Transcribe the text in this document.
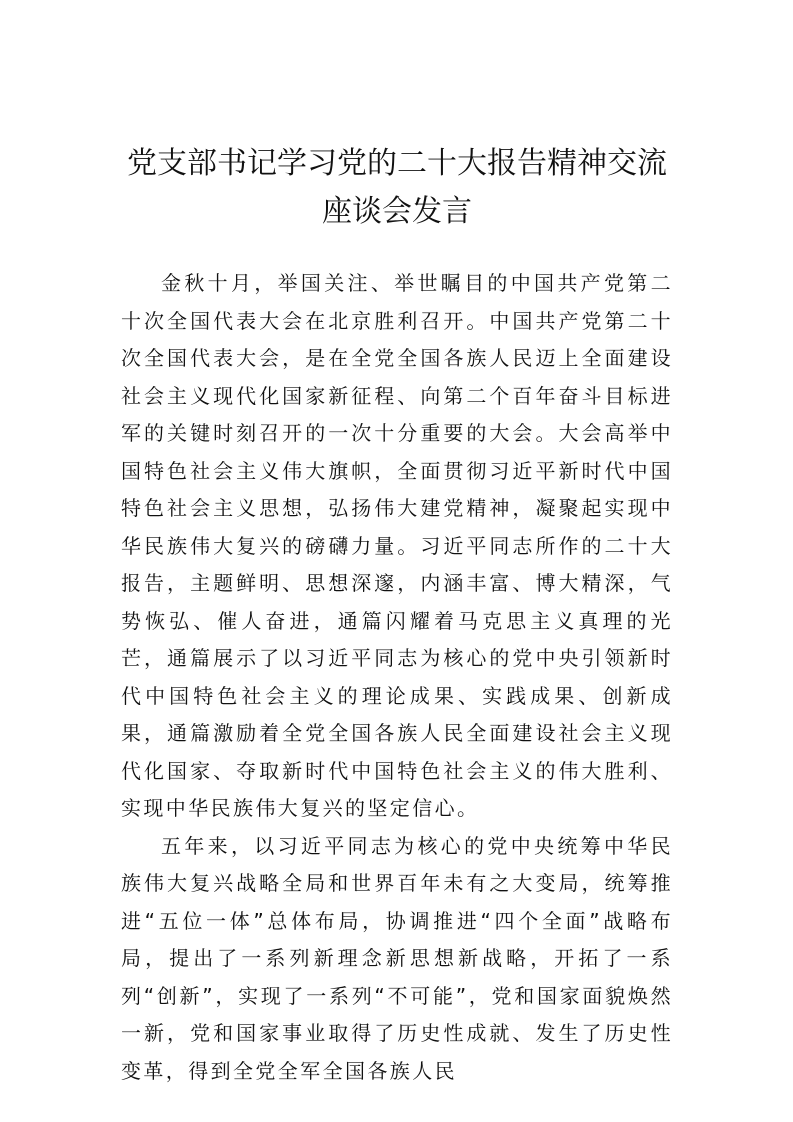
党支部书记学习党的二十大报告精神交流
座谈会发言

金秋十月，举国关注、举世瞩目的中国共产党第二十次全国代表大会在北京胜利召开。中国共产党第二十次全国代表大会，是在全党全国各族人民迈上全面建设社会主义现代化国家新征程、向第二个百年奋斗目标进军的关键时刻召开的一次十分重要的大会。大会高举中国特色社会主义伟大旗帜，全面贯彻习近平新时代中国特色社会主义思想，弘扬伟大建党精神，凝聚起实现中华民族伟大复兴的磅礴力量。习近平同志所作的二十大报告，主题鲜明、思想深邃，内涵丰富、博大精深，气势恢弘、催人奋进，通篇闪耀着马克思主义真理的光芒，通篇展示了以习近平同志为核心的党中央引领新时代中国特色社会主义的理论成果、实践成果、创新成果，通篇激励着全党全国各族人民全面建设社会主义现代化国家、夺取新时代中国特色社会主义的伟大胜利、实现中华民族伟大复兴的坚定信心。

五年来，以习近平同志为核心的党中央统筹中华民族伟大复兴战略全局和世界百年未有之大变局，统筹推进“五位一体”总体布局，协调推进“四个全面”战略布局，提出了一系列新理念新思想新战略，开拓了一系列“创新”，实现了一系列“不可能”，党和国家面貌焕然一新，党和国家事业取得了历史性成就、发生了历史性变革，得到全党全军全国各族人民
